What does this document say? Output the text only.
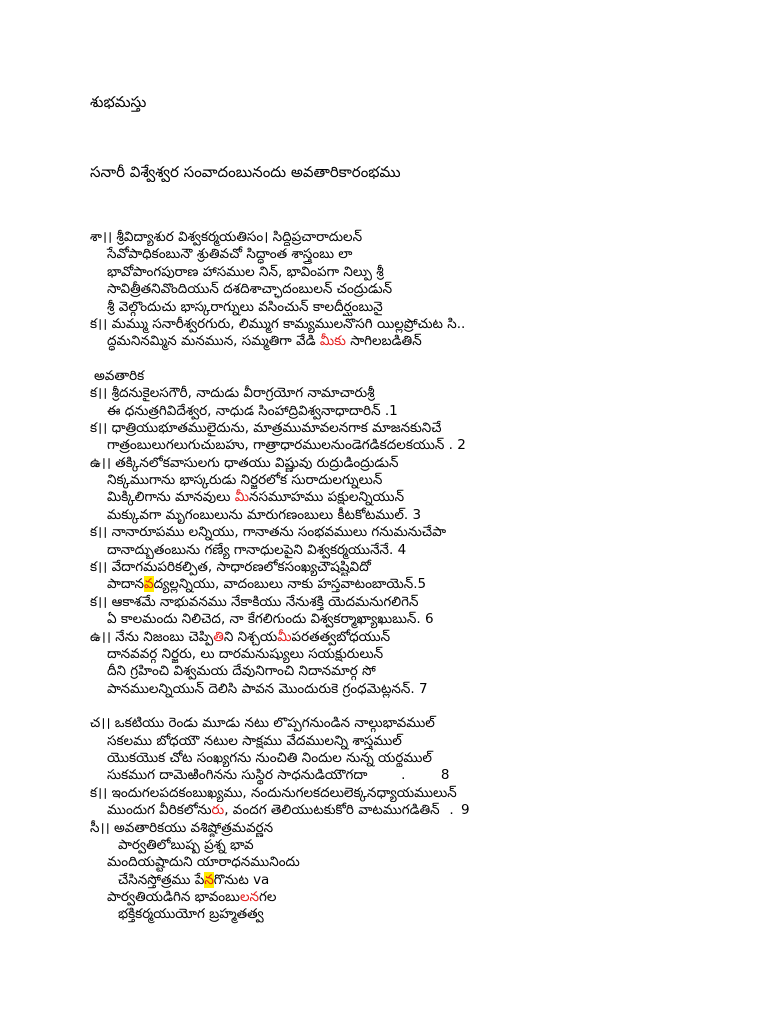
శుభమస్తు
సనారీ విశ్వేశ్వర సంవాదంబునందు అవతారికారంభము
శా।। శ్రీవిద్యాశుర విశ్వకర్మయతిసం। సిద్ధిప్రచారాదులన్
సేవోపాధికంబునౌ శ్రుతివచో సిద్ధాంత శాస్త్రంబు లా
భావోపాంగపురాణ హాసముల నిన్, భావింపగా నిల్పు శ్రీ
సావిత్రీతనివొందియున్ దశదిశాచ్ఛాదంబులన్ చంద్రుడున్
శ్రీ వెల్గొందుచు భాస్కరాగ్నులు వసించున్ కాలదీర్ఘంబునై
క।। మమ్ము సనారీశ్వరగురు, లిమ్ముగ కామ్యములనొసగి యిల్లప్రోచుట సి..
ద్ధమనినమ్మిన మనమున, సమ్మతిగా వేడి మీకు సాగిలబడితిన్
అవతారిక
క।। శ్రీదనుకైలసగౌరీ, నాదుడు వీరాగ్రయోగ నామాచారుశ్రీ
ఈ ధనుత్రగివిదేశ్వర, నాధుడ సింహాద్రివిశ్వనాధాదారిన్ .1
క।। ధాత్రియుభూతములైదును, మాత్రముమావలనగాక మాజనకునిచే
గాత్రంబులుగలుగుచుబహు, గాత్రాధారములనుండెగడికదలకయున్ . 2
ఉ।। తక్కినలోకవాసులగు ధాతయు విష్ణువు రుద్రుడింద్రుడున్
నిక్కముగాను భాస్కరుడు నిర్జరలోక సురాదులగ్నులున్
మిక్కిలిగాను మానవులు మీనసమూహము పక్షులన్నియున్
మక్కువగా మృగంబులును మారుగణంబులు కీటకోటముల్. 3
క।। నానారూపము లన్నియు, గానాతను సంభవములు గనుమనుచేపా
దానాద్భుతంబును గణ్యే గానాధులపైని విశ్వకర్మయునేనే. 4
క।। వేదాగమపరికల్పిత, సాధారణలోకసంఖ్యచౌషష్టివిదో
పాదానవద్యల్లన్నియు, వాదంబులు నాకు హస్తవాటంబాయెన్.5
క।। ఆకాశమే నాభువనము నేకాకియు నేనుశక్తి యెదమనుగలిగెన్
ఏ కాలమందు నిలిచెద, నా కేగలిగుందు విశ్వకర్మాఖ్యాఖుబున్. 6
ఉ।। నేను నిజంబు చెప్పితిని నిశ్చయమీపరతత్వబోధయున్
దానవవర్గ నిర్జరు, లు దారమనుష్యులు సయక్షురులున్
దీని గ్రహించి విశ్వమయ దేవునిగాంచి నిదానమార్గ సో
పానములన్నియున్ దెలిసి పావన మొందురుకె గ్రంధమెట్లనన్. 7
చ।। ఒకటియు రెండు మూడు నటు లొప్పగనుండిన నాల్గుభావముల్
సకలము బోధయౌ నటుల సాక్షము వేదములన్ని శాస్త్రముల్
యొకయొక చోట సంఖ్యగను నుంచితి నిందుల నున్న యర్థముల్
సుకముగ దామెఱింగినను సుస్థిర సాధనుడియౌగదా .	8
క।। ఇందుగలపదకంబుఖ్యము, నందునుగలకదలులెక్కనధ్యాయములున్
ముందుగ వీరికలోనురు, వందగ తెలియుటకుకోరి వాటముగడితిన్ . 9
సీ।। అవతారికయు వశిష్ఠోత్రమవర్ణన
పార్వతిలోబుష్ప ప్రశ్న భావ
మందియష్టాదుని యారాధనమునిందు
చేసినస్తోత్రము పేనగొనుట va
పార్వతియడిగిన భావంబులనగల
భక్తికర్మయుయోగ బ్రహ్మతత్వ
